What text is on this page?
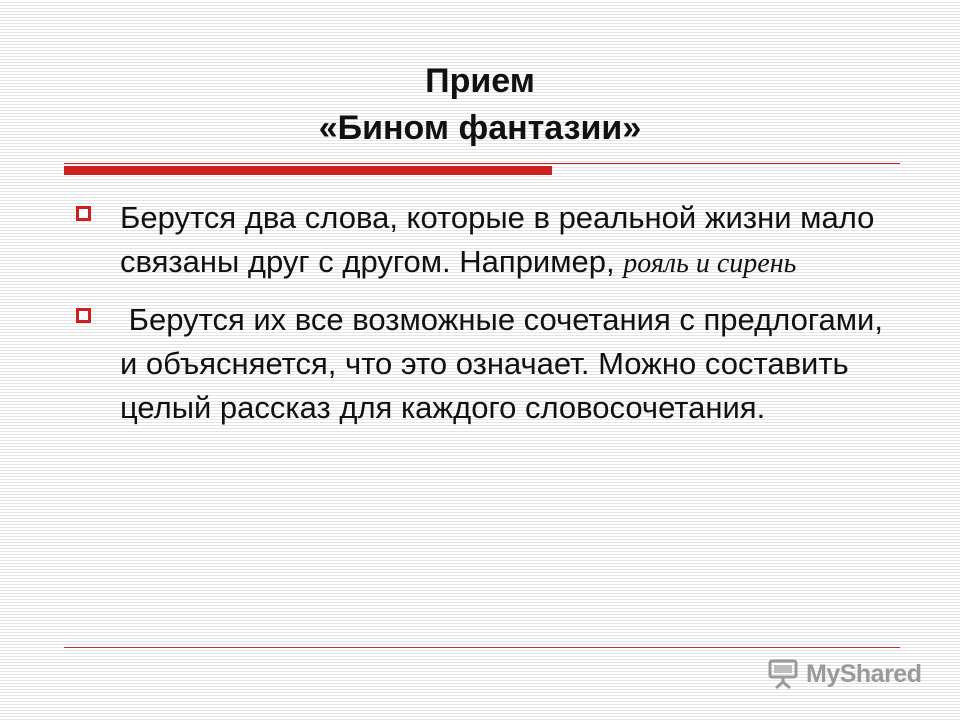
Прием
«Бином фантазии»
Берутся два слова, которые в реальной жизни мало связаны друг с другом. Например, рояль и сирень
Берутся их все возможные сочетания с предлогами,  и объясняется, что это означает. Можно составить целый рассказ для каждого словосочетания.
MyShared
